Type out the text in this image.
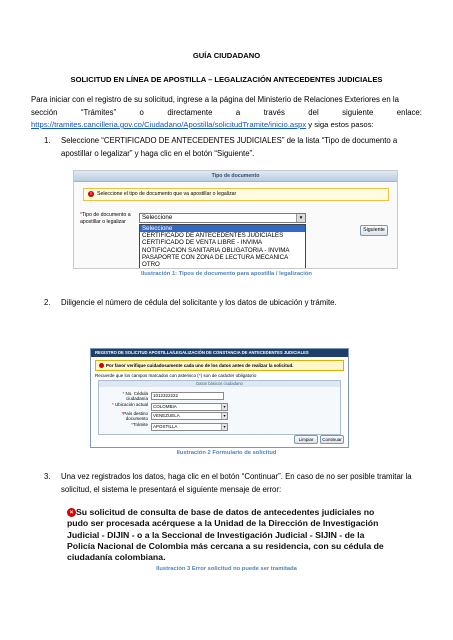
GUÍA CIUDADANO
SOLICITUD EN LÍNEA DE APOSTILLA – LEGALIZACIÓN ANTECEDENTES JUDICIALES
Para iniciar con el registro de su solicitud, ingrese a la página del Ministerio de Relaciones Exteriores en la
sección	“Trámites”	o	directamente	a	través	del	siguiente	enlace:
https://tramites.cancilleria.gov.co/Ciudadano/Apostilla/solicitudTramite/inicio.aspx y siga estos pasos:
1. Seleccione “CERTIFICADO DE ANTECEDENTES JUDICIALES” de la lista “Tipo de documento a apostillar o legalizar” y haga clic en el botón “Siguiente”.
Tipo de documento
! Seleccione el tipo de documento que va apostillar o legalizar
*Tipo de documento a apostillar o legalizar
Seleccione	▼
Seleccione
CERTIFICADO DE ANTECEDENTES JUDICIALES
CERTIFICADO DE VENTA LIBRE - INVIMA
NOTIFICACION SANITARIA OBLIGATORIA - INVIMA
PASAPORTE CON ZONA DE LECTURA MECANICA
OTRO
Siguiente
Ilustración 1: Tipos de documento para apostilla / legalización
2. Diligencie el número de cédula del solicitante y los datos de ubicación y trámite.
REGISTRO DE SOLICITUD APOSTILLA/LEGALIZACIÓN DE CONSTANCIA DE ANTECEDENTES JUDICIALES
Por favor verifique cuidadosamente cada uno de los datos antes de realizar la solicitud.
Recuerde que los campos marcados con asterisco (*) son de carácter obligatorio
Datos básicos ciudadano
* No. Cédula ciudadanía	1012322222
* Ubicación actual	COLOMBIA	▼
*País destino documento	VENEZUELA	▼
*Trámite	APOSTILLA	▼
Limpiar Continuar
Ilustración 2 Formulario de solicitud
3. Una vez registrados los datos, haga clic en el botón “Continuar”. En caso de no ser posible tramitar la solicitud, el sistema le presentará el siguiente mensaje de error:
× Su solicitud de consulta de base de datos de antecedentes judiciales no pudo ser procesada acérquese a la Unidad de la Dirección de Investigación Judicial - DIJIN - o a la Seccional de Investigación Judicial - SIJIN - de la Policía Nacional de Colombia más cercana a su residencia, con su cédula de ciudadanía colombiana.
Ilustración 3 Error solicitud no puede ser tramitada
